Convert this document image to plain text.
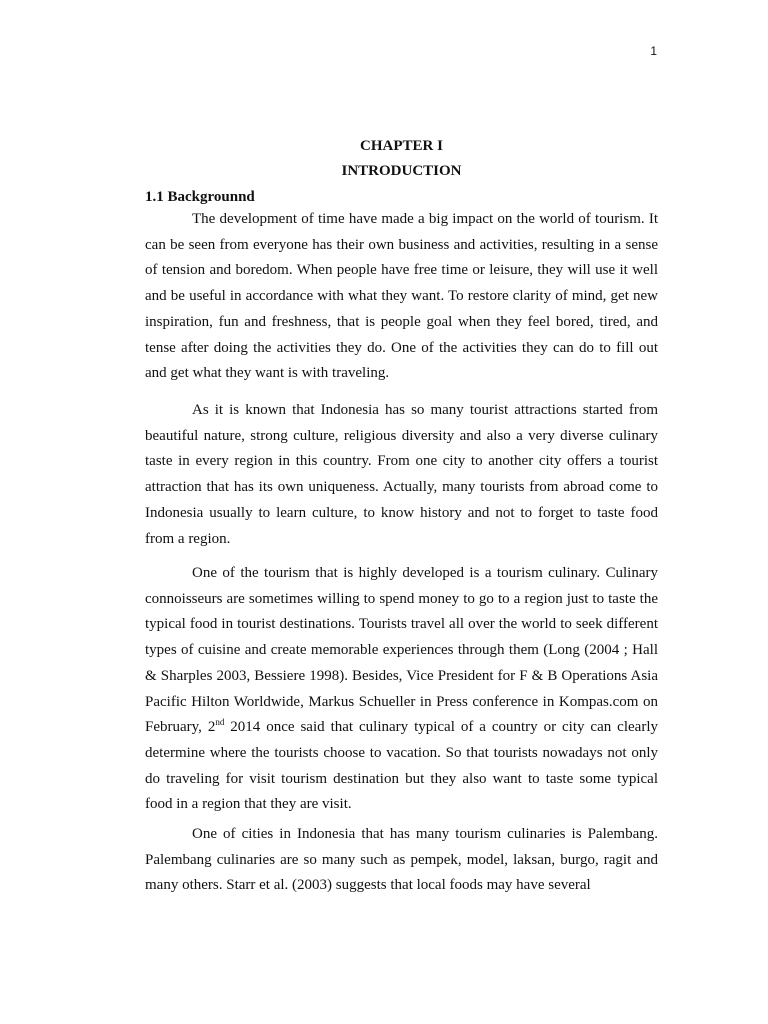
1

CHAPTER I
INTRODUCTION
1.1 Backgrounnd

The development of time have made a big impact on the world of tourism. It can be seen from everyone has their own business and activities, resulting in a sense of tension and boredom. When people have free time or leisure, they will use it well and be useful in accordance with what they want. To restore clarity of mind, get new inspiration, fun and freshness, that is people goal when they feel bored, tired, and tense after doing the activities they do. One of the activities they can do to fill out and get what they want is with traveling.

As it is known that Indonesia has so many tourist attractions started from beautiful nature, strong culture, religious diversity and also a very diverse culinary taste in every region in this country. From one city to another city offers a tourist attraction that has its own uniqueness. Actually, many tourists from abroad come to Indonesia usually to learn culture, to know history and not to forget to taste food from a region.

One of the tourism that is highly developed is a tourism culinary. Culinary connoisseurs are sometimes willing to spend money to go to a region just to taste the typical food in tourist destinations. Tourists travel all over the world to seek different types of cuisine and create memorable experiences through them (Long (2004 ; Hall & Sharples 2003, Bessiere 1998). Besides, Vice President for F & B Operations Asia Pacific Hilton Worldwide, Markus Schueller in Press conference in Kompas.com on February, 2nd 2014 once said that culinary typical of a country or city can clearly determine where the tourists choose to vacation. So that tourists nowadays not only do traveling for visit tourism destination but they also want to taste some typical food in a region that they are visit.

One of cities in Indonesia that has many tourism culinaries is Palembang. Palembang culinaries are so many such as pempek, model, laksan, burgo, ragit and many others. Starr et al. (2003) suggests that local foods may have several
